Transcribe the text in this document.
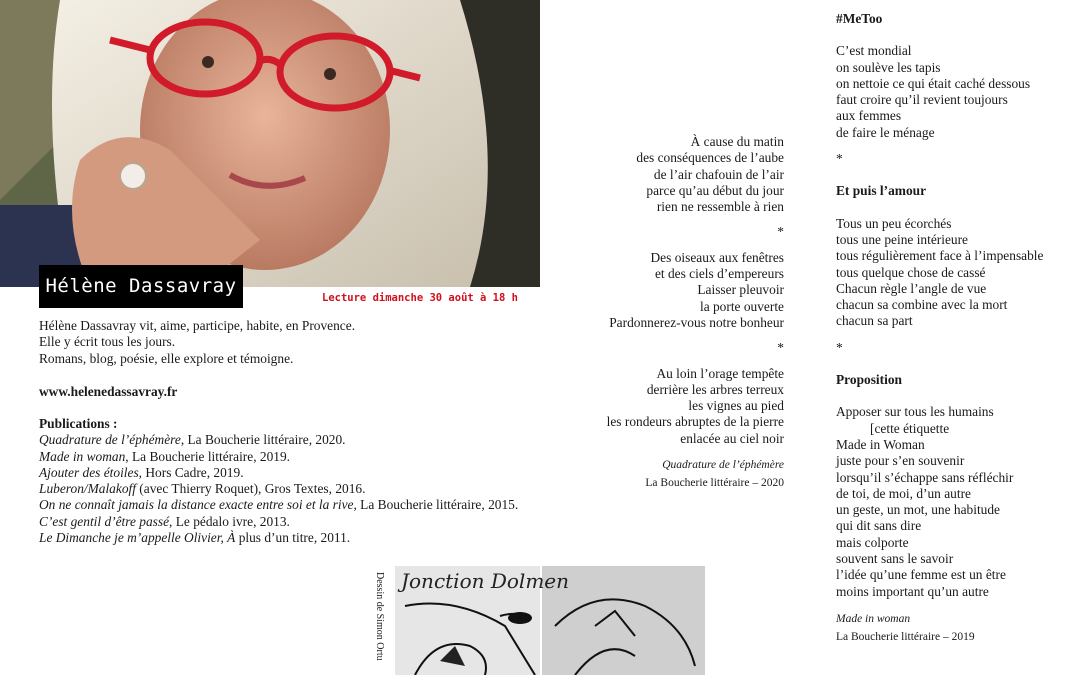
Hélène Dassavray
Lecture dimanche 30 août à 18 h

Hélène Dassavray vit, aime, participe, habite, en Provence.

Elle y écrit tous les jours.

Romans, blog, poésie, elle explore et témoigne.

www.helenedassavray.fr
Publications :
Quadrature de l’éphémère, La Boucherie littéraire, 2020.
Made in woman, La Boucherie littéraire, 2019.
Ajouter des étoiles, Hors Cadre, 2019.
Luberon/Malakoff (avec Thierry Roquet), Gros Textes, 2016.
On ne connaît jamais la distance exacte entre soi et la rive, La Boucherie littéraire, 2015.
C’est gentil d’être passé, Le pédalo ivre, 2013.
Le Dimanche je m’appelle Olivier, À plus d’un titre, 2011.
À cause du matin
des conséquences de l’aube
de l’air chafouin de l’air
parce qu’au début du jour
rien ne ressemble à rien
*
Des oiseaux aux fenêtres
et des ciels d’empereurs
Laisser pleuvoir
la porte ouverte
Pardonnerez-vous notre bonheur
*
Au loin l’orage tempête
derrière les arbres terreux
les vignes au pied
les rondeurs abruptes de la pierre
enlacée au ciel noir
Quadrature de l’éphémère
La Boucherie littéraire – 2020
Dessin de Simon Ortu Jonction Dolmen
#MeToo
C’est mondial
on soulève les tapis
on nettoie ce qui était caché dessous
faut croire qu’il revient toujours
aux femmes
de faire le ménage
*
Et puis l’amour
Tous un peu écorchés
tous une peine intérieure
tous régulièrement face à l’impensable
tous quelque chose de cassé
Chacun règle l’angle de vue
chacun sa combine avec la mort
chacun sa part
*
Proposition
Apposer sur tous les humains
[cette étiquette
Made in Woman
juste pour s’en souvenir
lorsqu’il s’échappe sans réfléchir
de toi, de moi, d’un autre
un geste, un mot, une habitude
qui dit sans dire
mais colporte
souvent sans le savoir
l’idée qu’une femme est un être
moins important qu’un autre
Made in woman
La Boucherie littéraire – 2019
